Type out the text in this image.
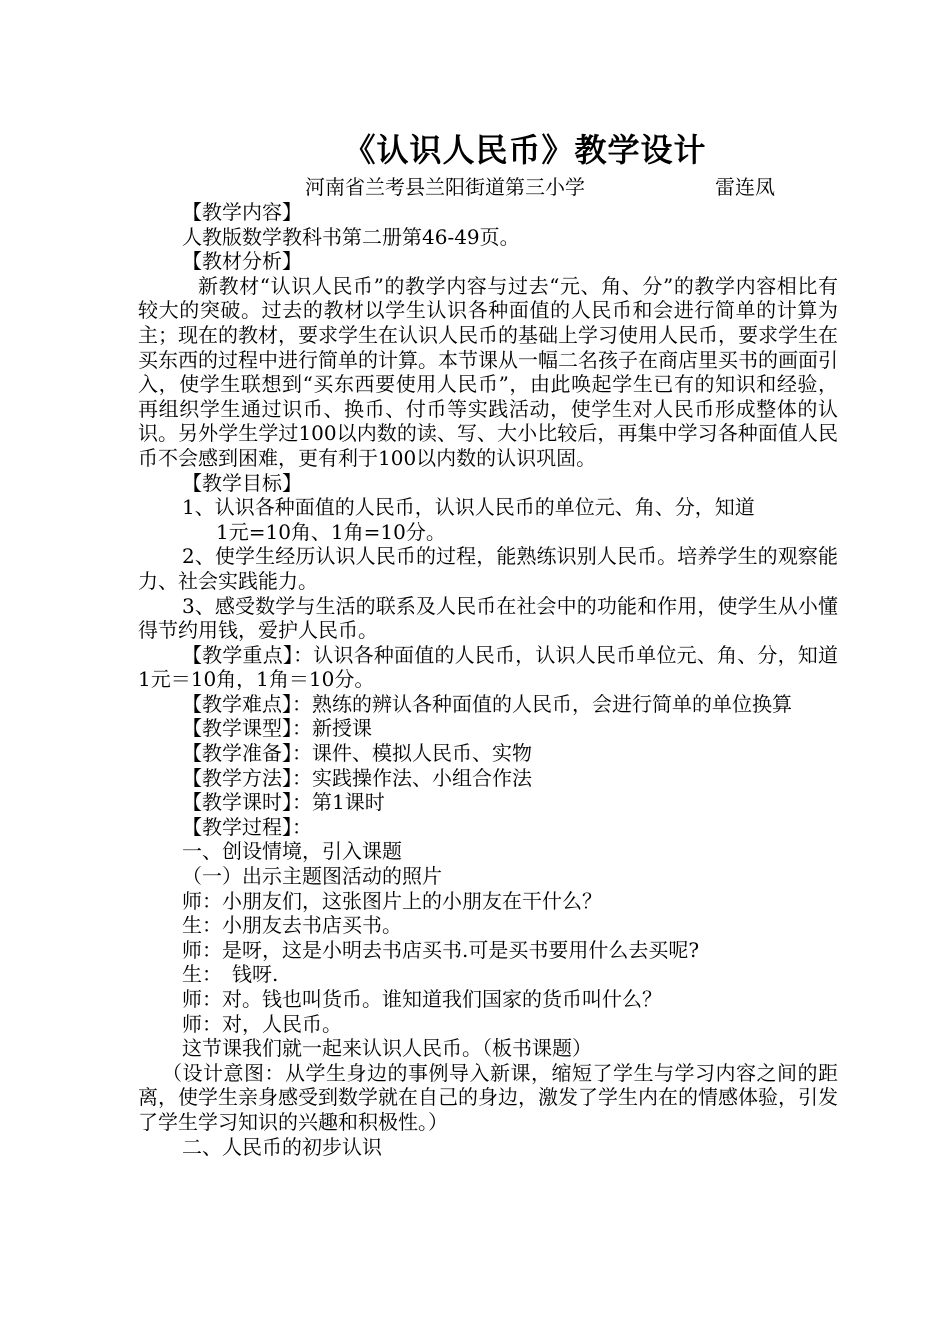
《认识人民币》教学设计
河南省兰考县兰阳街道第三小学	雷连凤
【教学内容】
人教版数学教科书第二册第46-49页。
【教材分析】
新教材“认识人民币”的教学内容与过去“元、角、分”的教学内容相比有较大的突破。过去的教材以学生认识各种面值的人民币和会进行简单的计算为主；现在的教材，要求学生在认识人民币的基础上学习使用人民币，要求学生在买东西的过程中进行简单的计算。本节课从一幅二名孩子在商店里买书的画面引入，使学生联想到“买东西要使用人民币”，由此唤起学生已有的知识和经验，再组织学生通过识币、换币、付币等实践活动，使学生对人民币形成整体的认识。另外学生学过100以内数的读、写、大小比较后，再集中学习各种面值人民币不会感到困难，更有利于100以内数的认识巩固。
【教学目标】
1、认识各种面值的人民币，认识人民币的单位元、角、分，知道
1元=10角、1角=10分。
2、使学生经历认识人民币的过程，能熟练识别人民币。培养学生的观察能力、社会实践能力。
3、感受数学与生活的联系及人民币在社会中的功能和作用，使学生从小懂得节约用钱，爱护人民币。
【教学重点】：认识各种面值的人民币，认识人民币单位元、角、分，知道1元＝10角，1角＝10分。
【教学难点】：熟练的辨认各种面值的人民币，会进行简单的单位换算
【教学课型】：新授课
【教学准备】：课件、模拟人民币、实物
【教学方法】：实践操作法、小组合作法
【教学课时】：第1课时
【教学过程】：
一、创设情境，引入课题
（一）出示主题图活动的照片
师：小朋友们，这张图片上的小朋友在干什么？
生：小朋友去书店买书。
师：是呀，这是小明去书店买书.可是买书要用什么去买呢?
生：　钱呀.
师：对。钱也叫货币。谁知道我们国家的货币叫什么？
师：对，人民币。
这节课我们就一起来认识人民币。（板书课题）
（设计意图：从学生身边的事例导入新课，缩短了学生与学习内容之间的距离，使学生亲身感受到数学就在自己的身边，激发了学生内在的情感体验，引发了学生学习知识的兴趣和积极性。）
二、人民币的初步认识
